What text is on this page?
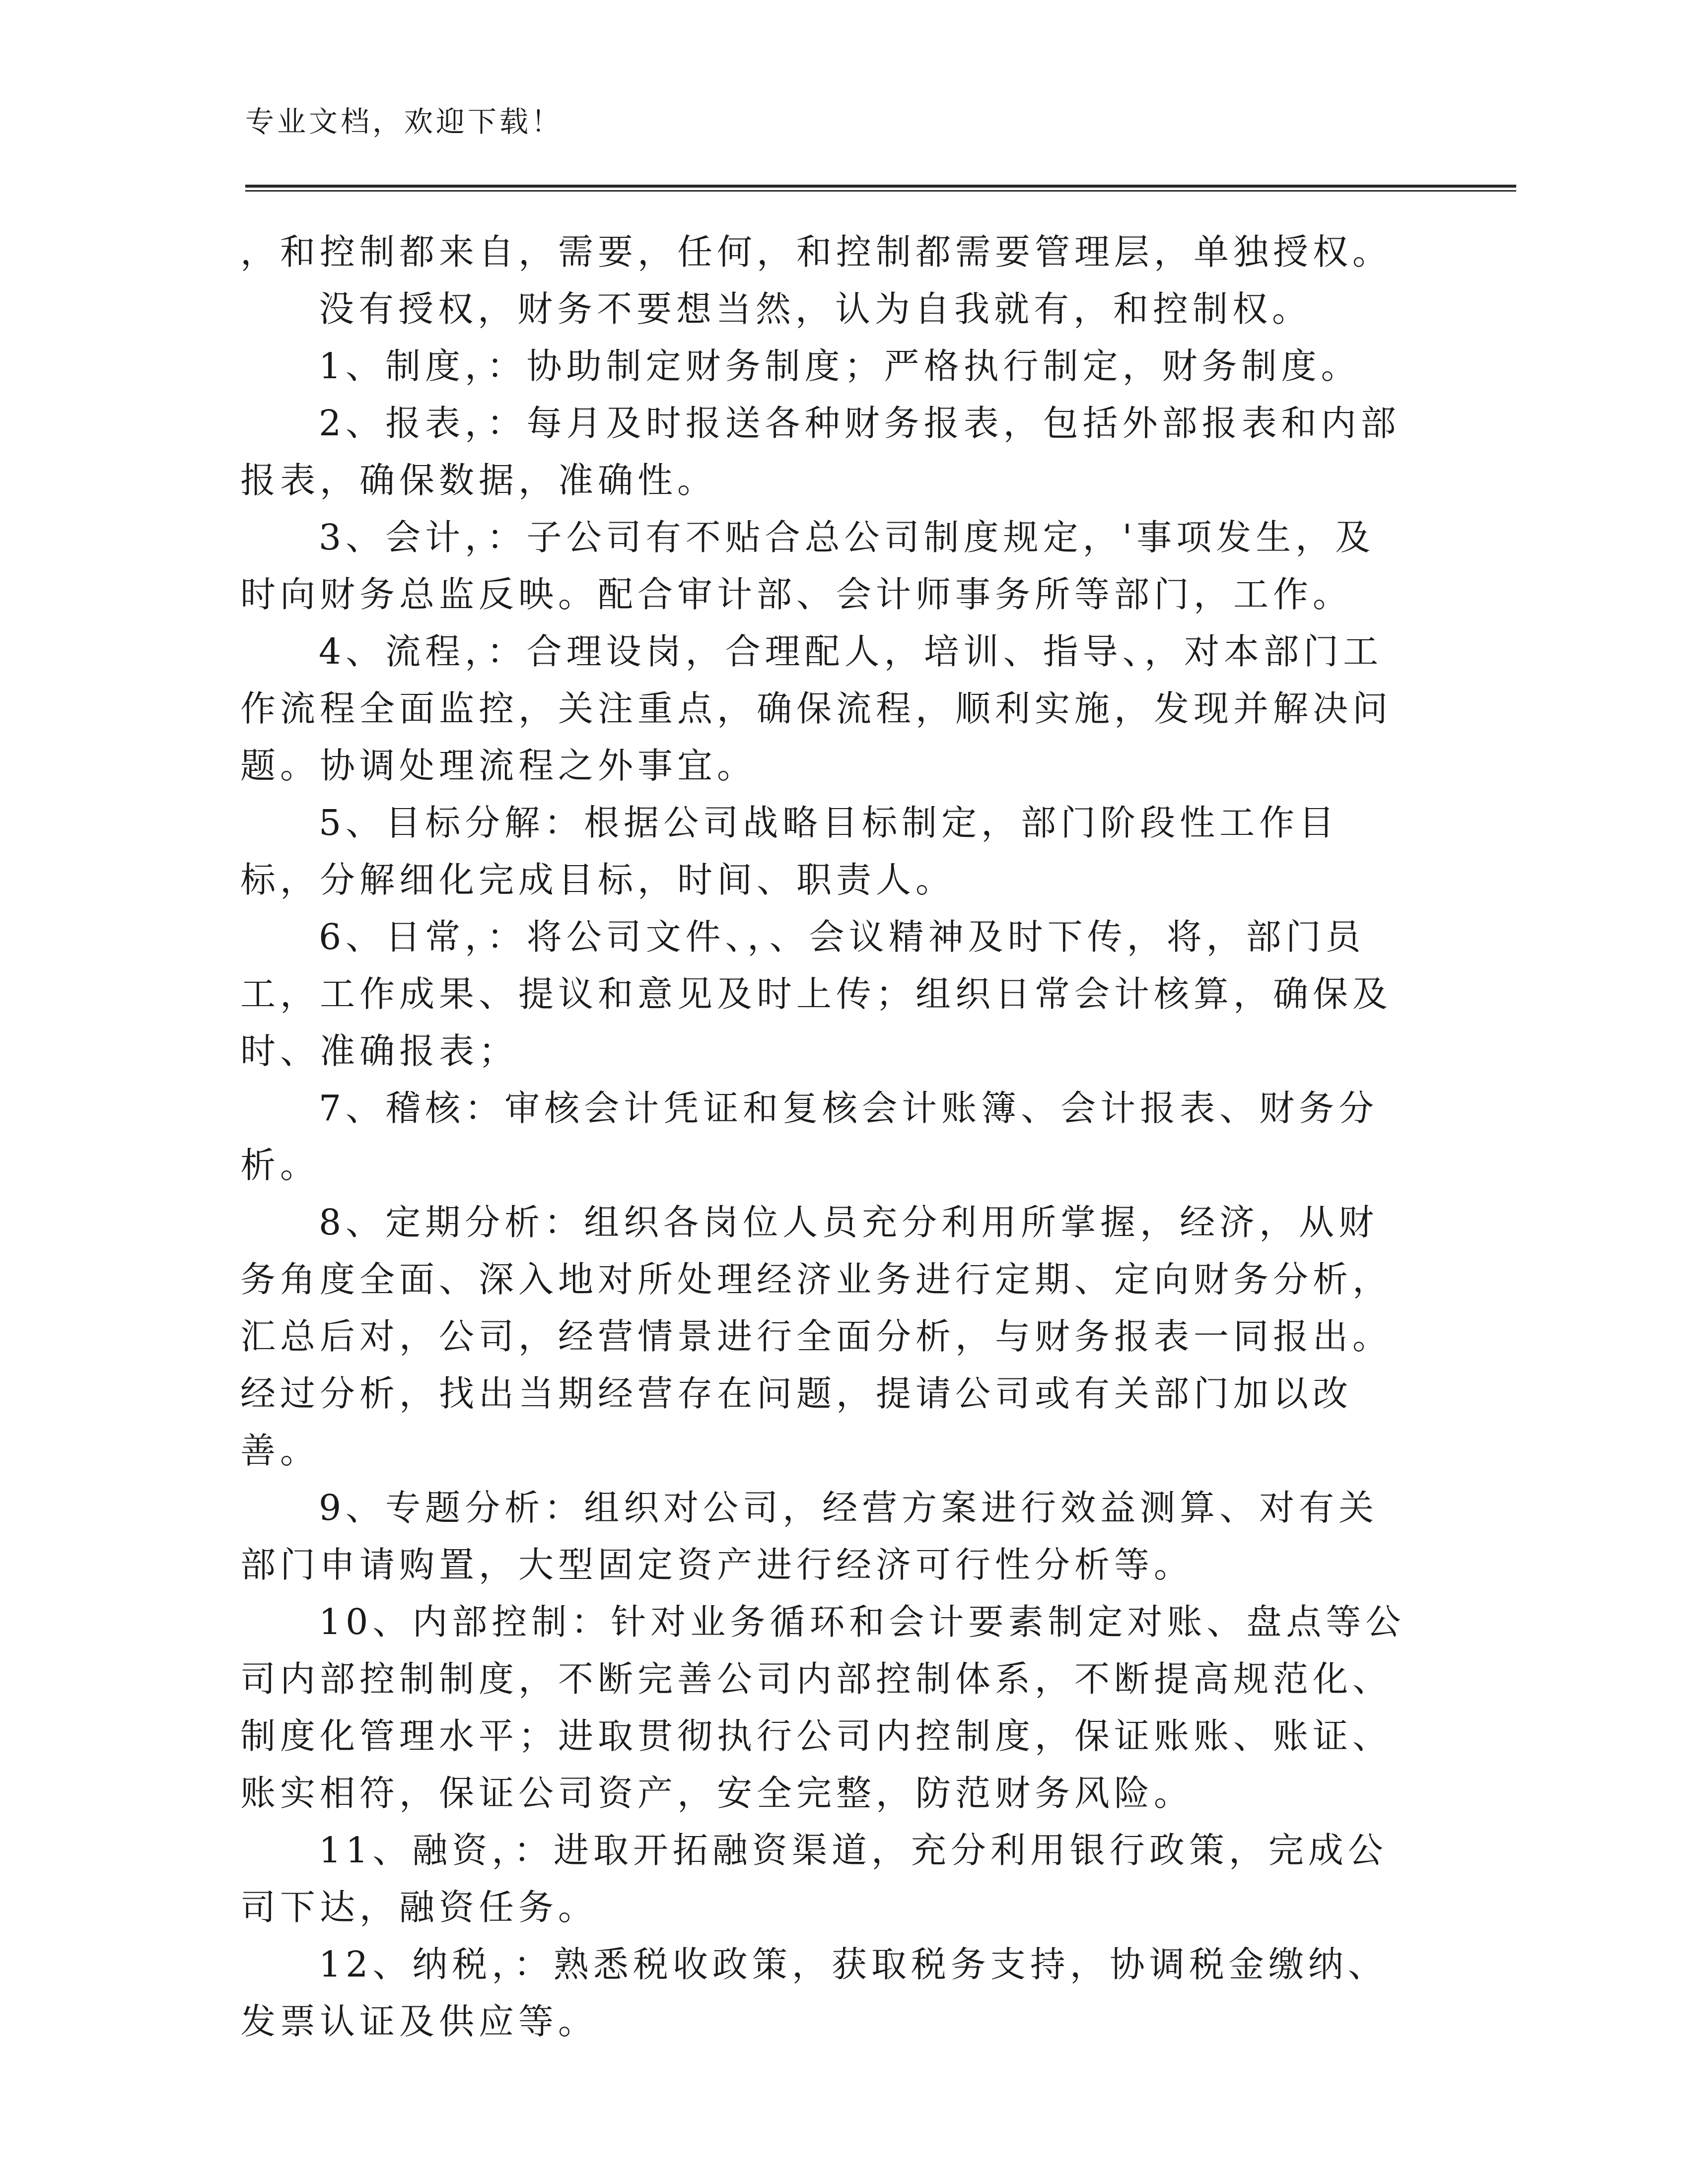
专业文档，欢迎下载！

，和控制都来自，需要，任何，和控制都需要管理层，单独授权。

没有授权，财务不要想当然，认为自我就有，和控制权。

1、制度，：协助制定财务制度；严格执行制定，财务制度。

2、报表，：每月及时报送各种财务报表，包括外部报表和内部报表，确保数据，准确性。

3、会计，：子公司有不贴合总公司制度规定，'事项发生，及时向财务总监反映。配合审计部、会计师事务所等部门，工作。

4、流程，：合理设岗，合理配人，培训、指导、，对本部门工作流程全面监控，关注重点，确保流程，顺利实施，发现并解决问题。协调处理流程之外事宜。

5、目标分解：根据公司战略目标制定，部门阶段性工作目标，分解细化完成目标，时间、职责人。

6、日常，：将公司文件、，、会议精神及时下传，将，部门员工，工作成果、提议和意见及时上传；组织日常会计核算，确保及时、准确报表；

7、稽核：审核会计凭证和复核会计账簿、会计报表、财务分析。

8、定期分析：组织各岗位人员充分利用所掌握，经济，从财务角度全面、深入地对所处理经济业务进行定期、定向财务分析，汇总后对，公司，经营情景进行全面分析，与财务报表一同报出。经过分析，找出当期经营存在问题，提请公司或有关部门加以改善。

9、专题分析：组织对公司，经营方案进行效益测算、对有关部门申请购置，大型固定资产进行经济可行性分析等。

10、内部控制：针对业务循环和会计要素制定对账、盘点等公司内部控制制度，不断完善公司内部控制体系，不断提高规范化、制度化管理水平；进取贯彻执行公司内控制度，保证账账、账证、账实相符，保证公司资产，安全完整，防范财务风险。

11、融资，：进取开拓融资渠道，充分利用银行政策，完成公司下达，融资任务。

12、纳税，：熟悉税收政策，获取税务支持，协调税金缴纳、发票认证及供应等。
